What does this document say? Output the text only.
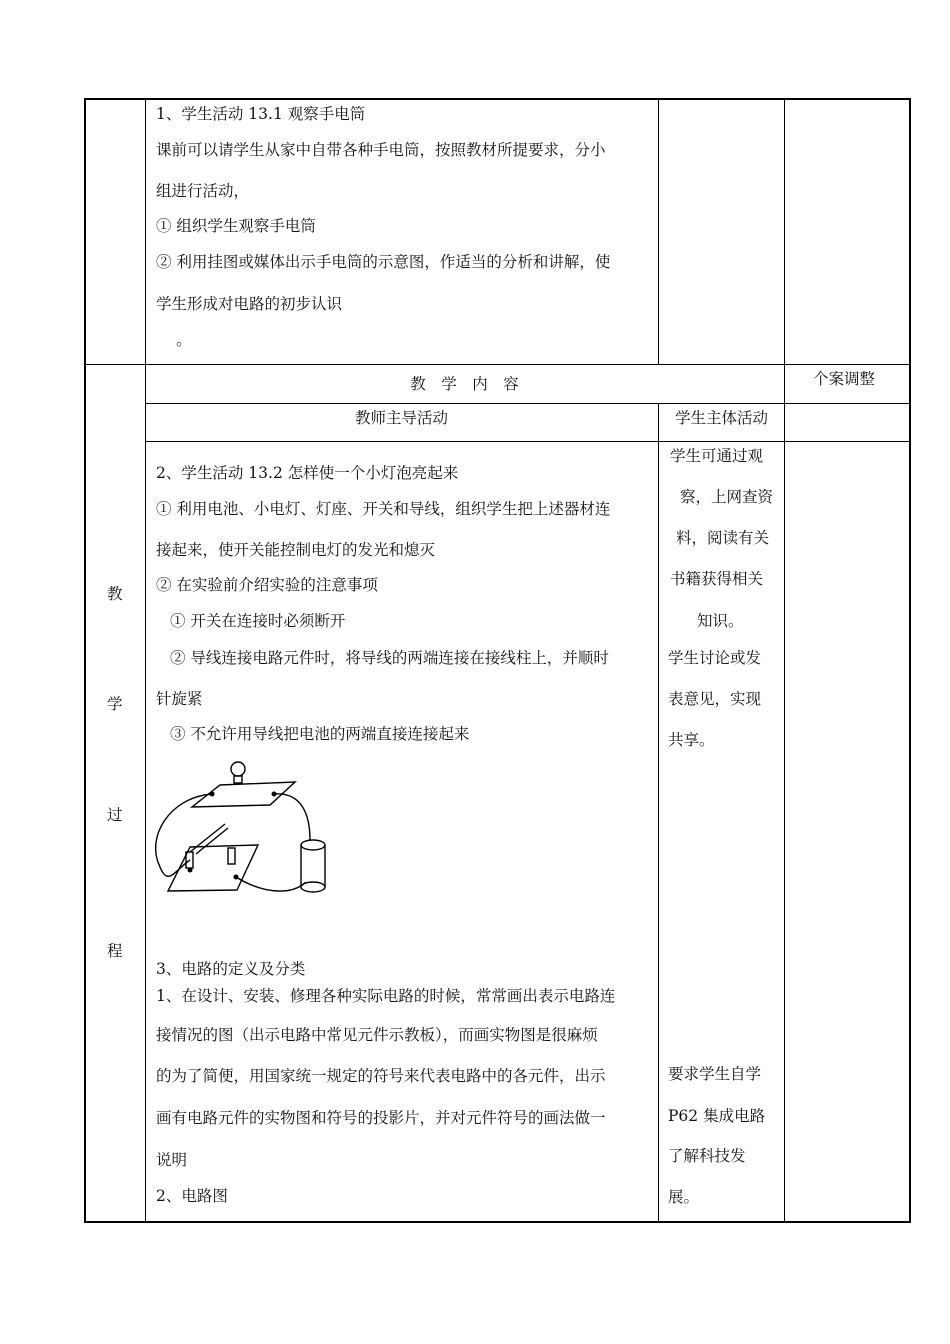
1、学生活动 13.1 观察手电筒
课前可以请学生从家中自带各种手电筒，按照教材所提要求，分小
组进行活动，
① 组织学生观察手电筒
② 利用挂图或媒体出示手电筒的示意图，作适当的分析和讲解，使
学生形成对电路的初步认识
。
教　学　内　容	个案调整
教师主导活动	学生主体活动
教
学
过
程
2、学生活动 13.2 怎样使一个小灯泡亮起来
① 利用电池、小电灯、灯座、开关和导线，组织学生把上述器材连
接起来，使开关能控制电灯的发光和熄灭
② 在实验前介绍实验的注意事项
① 开关在连接时必须断开
② 导线连接电路元件时，将导线的两端连接在接线柱上，并顺时
针旋紧
③ 不允许用导线把电池的两端直接连接起来
3、电路的定义及分类
1、在设计、安装、修理各种实际电路的时候，常常画出表示电路连
接情况的图（出示电路中常见元件示教板），而画实物图是很麻烦
的为了简便，用国家统一规定的符号来代表电路中的各元件，出示
画有电路元件的实物图和符号的投影片，并对元件符号的画法做一
说明
2、电路图
学生可通过观
察，上网查资
料，阅读有关
书籍获得相关
知识。
学生讨论或发
表意见，实现
共享。
要求学生自学
P62 集成电路
了解科技发
展。
